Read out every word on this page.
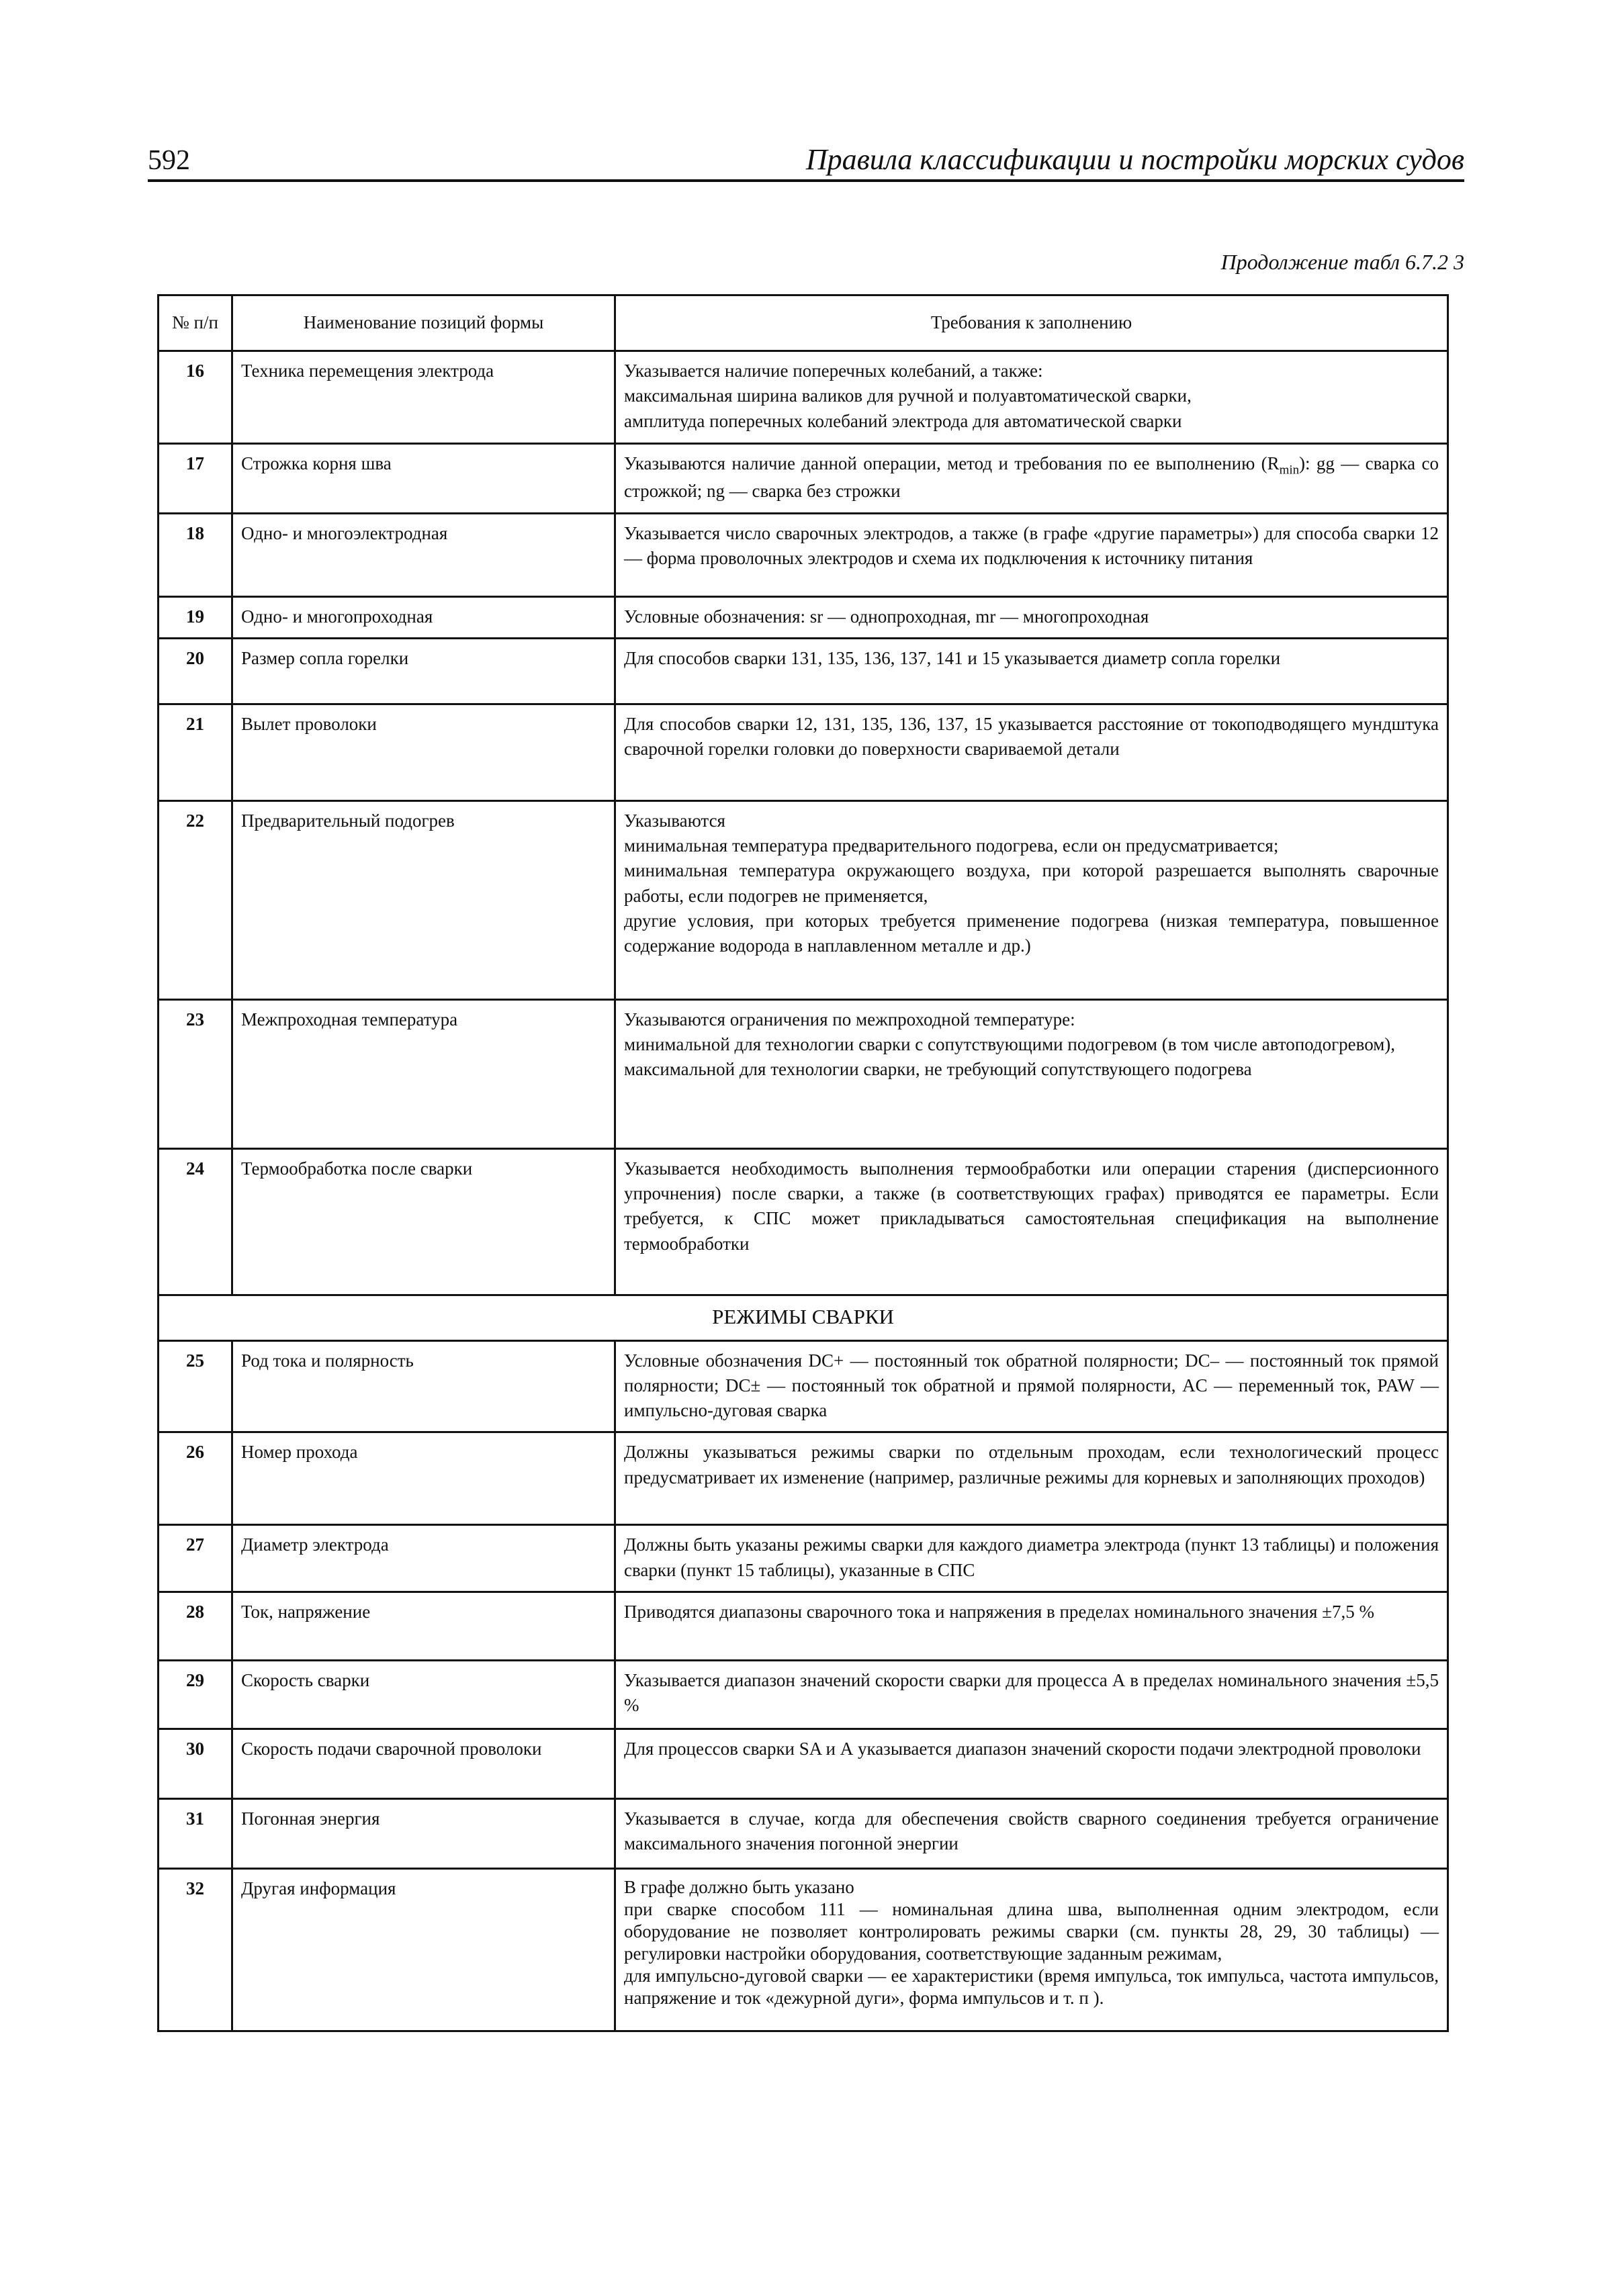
592	Правила классификации и постройки морских судов
Продолжение табл 6.7.2 3
№ п/п	Наименование позиций формы	Требования к заполнению
16	Техника перемещения электрода	Указывается наличие поперечных колебаний, а также:
максимальная ширина валиков для ручной и полуавтоматической сварки,
амплитуда поперечных колебаний электрода для автоматической сварки

17	Строжка корня шва	Указываются наличие данной операции, метод и требования по ее выполнению $(R_{min})$: gg — сварка со строжкой; ng — сварка без строжки
18	Одно- и многоэлектродная	Указывается число сварочных электродов, а также (в графе «другие параметры») для способа сварки 12 — форма проволочных электродов и схема их подключения к источнику питания
19	Одно- и многопроходная	Условные обозначения: sr — однопроходная, mr — многопроходная
20	Размер сопла горелки	Для способов сварки 131, 135, 136, 137, 141 и 15 указывается диаметр сопла горелки
21	Вылет проволоки	Для способов сварки 12, 131, 135, 136, 137, 15 указывается расстояние от токоподводящего мундштука сварочной горелки головки до поверхности свариваемой детали
22	Предварительный подогрев	Указываются
минимальная температура предварительного подогрева, если он предусматривается;
минимальная температура окружающего воздуха, при которой разрешается выполнять сварочные работы, если подогрев не применяется,
другие условия, при которых требуется применение подогрева (низкая температура, повышенное содержание водорода в наплавленном металле и др.)

23	Межпроходная температура	Указываются ограничения по межпроходной температуре:
минимальной для технологии сварки с сопутствующими подогревом (в том числе автоподогревом),
максимальной для технологии сварки, не требующий сопутствующего подогрева

24	Термообработка после сварки	Указывается необходимость выполнения термообработки или операции старения (дисперсионного упрочнения) после сварки, а также (в соответствующих графах) приводятся ее параметры. Если требуется, к СПС может прикладываться самостоятельная спецификация на выполнение термообработки
РЕЖИМЫ СВАРКИ		
25	Род тока и полярность	Условные обозначения DC+ — постоянный ток обратной полярности; DC– — постоянный ток прямой полярности; DC± — постоянный ток обратной и прямой полярности, AC — переменный ток, PAW — импульсно-дуговая сварка
26	Номер прохода	Должны указываться режимы сварки по отдельным проходам, если технологический процесс предусматривает их изменение (например, различные режимы для корневых и заполняющих проходов)
27	Диаметр электрода	Должны быть указаны режимы сварки для каждого диаметра электрода (пункт 13 таблицы) и положения сварки (пункт 15 таблицы), указанные в СПС
28	Ток, напряжение	Приводятся диапазоны сварочного тока и напряжения в пределах номинального значения ±7,5 %
29	Скорость сварки	Указывается диапазон значений скорости сварки для процесса А в пределах номинального значения ±5,5 %
30	Скорость подачи сварочной проволоки	Для процессов сварки SA и А указывается диапазон значений скорости подачи электродной проволоки
31	Погонная энергия	Указывается в случае, когда для обеспечения свойств сварного соединения требуется ограничение максимального значения погонной энергии
32	Другая информация	В графе должно быть указано
при сварке способом 111 — номинальная длина шва, выполненная одним электродом, если оборудование не позволяет контролировать режимы сварки (см. пункты 28, 29, 30 таблицы) — регулировки настройки оборудования, соответствующие заданным режимам,
для импульсно-дуговой сварки — ее характеристики (время импульса, ток импульса, частота импульсов, напряжение и ток «дежурной дуги», форма импульсов и т. п ).
